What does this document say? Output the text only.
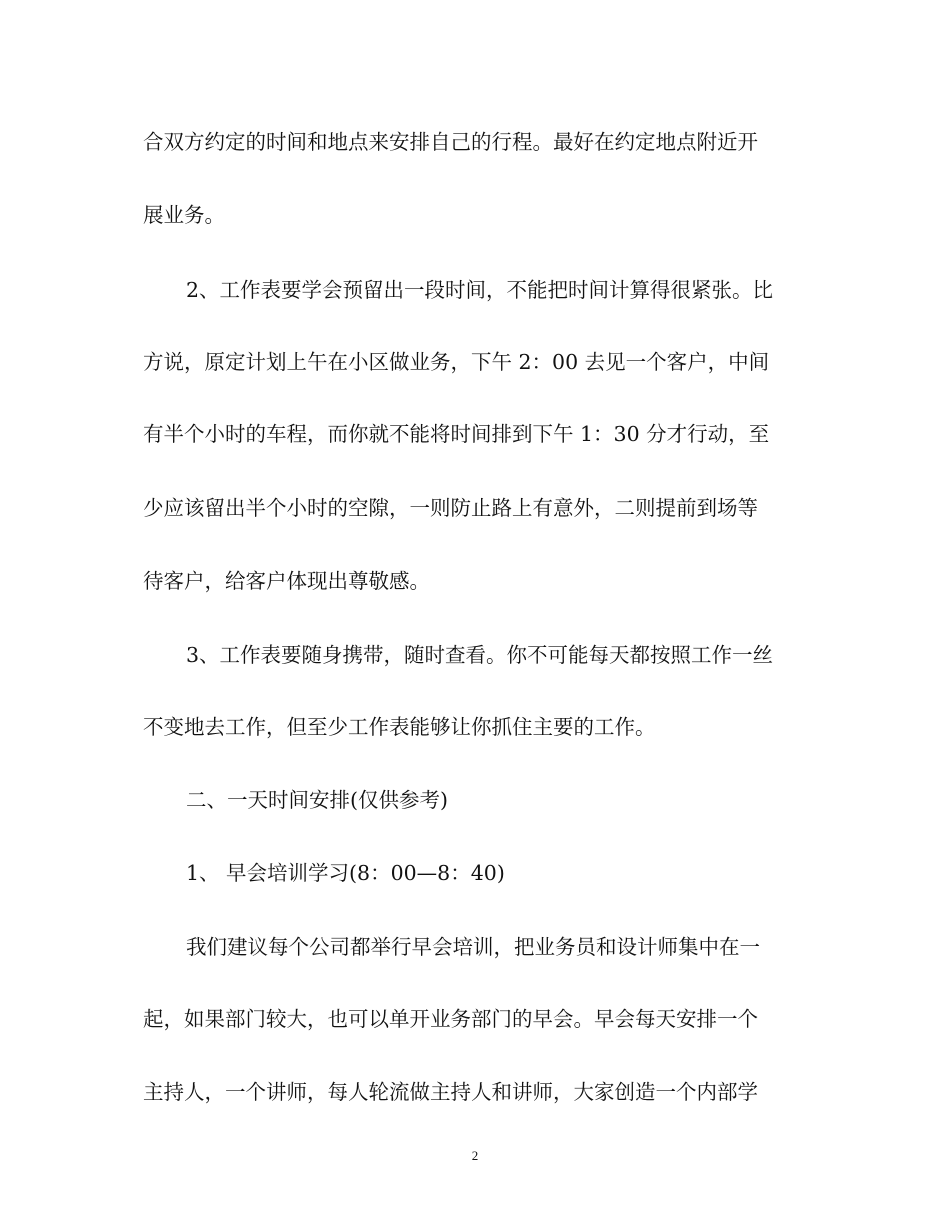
合双方约定的时间和地点来安排自己的行程。最好在约定地点附近开
展业务。
2、工作表要学会预留出一段时间，不能把时间计算得很紧张。比
方说，原定计划上午在小区做业务，下午 2：00 去见一个客户，中间
有半个小时的车程，而你就不能将时间排到下午 1：30 分才行动，至
少应该留出半个小时的空隙，一则防止路上有意外，二则提前到场等
待客户，给客户体现出尊敬感。
3、工作表要随身携带，随时查看。你不可能每天都按照工作一丝
不变地去工作，但至少工作表能够让你抓住主要的工作。
二、一天时间安排(仅供参考)
1、 早会培训学习(8：00—8：40)
我们建议每个公司都举行早会培训，把业务员和设计师集中在一
起，如果部门较大，也可以单开业务部门的早会。早会每天安排一个
主持人，一个讲师，每人轮流做主持人和讲师，大家创造一个内部学
2
